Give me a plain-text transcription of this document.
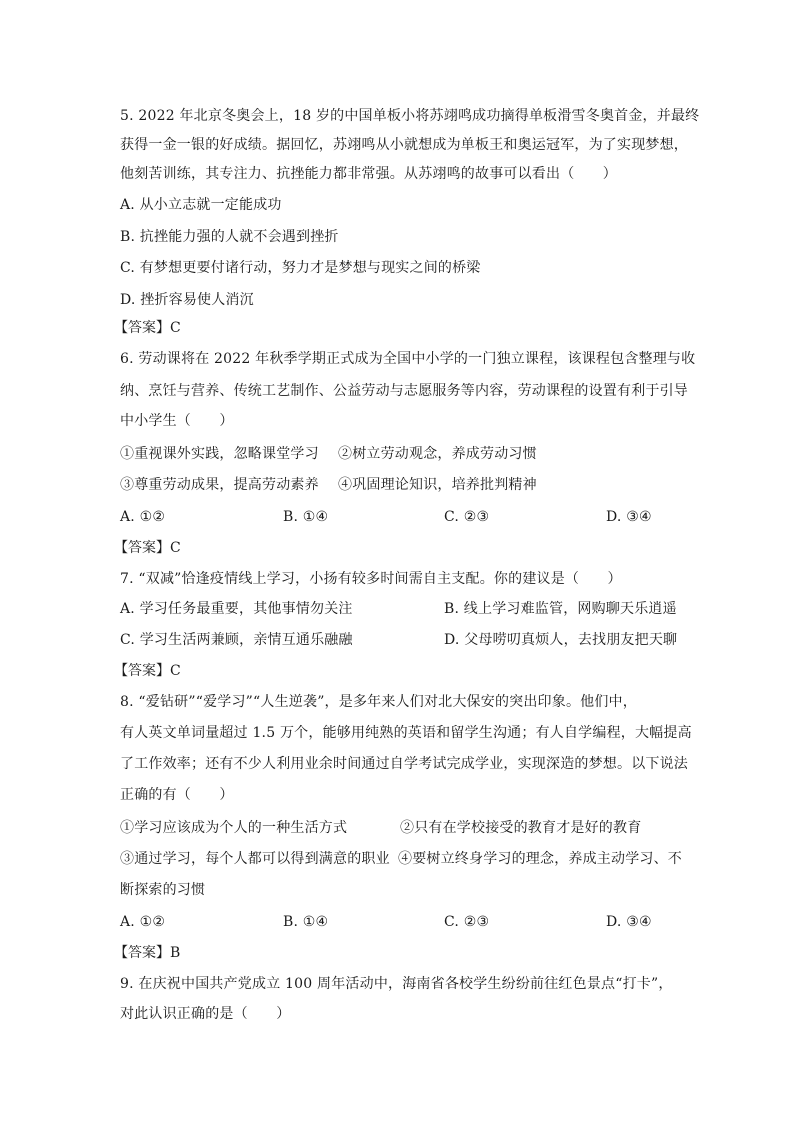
5. 2022 年北京冬奥会上，18 岁的中国单板小将苏翊鸣成功摘得单板滑雪冬奥首金，并最终
获得一金一银的好成绩。据回忆，苏翊鸣从小就想成为单板王和奥运冠军，为了实现梦想，
他刻苦训练，其专注力、抗挫能力都非常强。从苏翊鸣的故事可以看出（　　）
A. 从小立志就一定能成功
B. 抗挫能力强的人就不会遇到挫折
C. 有梦想更要付诸行动，努力才是梦想与现实之间的桥梁
D. 挫折容易使人消沉
【答案】C
6. 劳动课将在 2022 年秋季学期正式成为全国中小学的一门独立课程，该课程包含整理与收
纳、烹饪与营养、传统工艺制作、公益劳动与志愿服务等内容，劳动课程的设置有利于引导
中小学生（　　）
①重视课外实践，忽略课堂学习 ②树立劳动观念，养成劳动习惯
③尊重劳动成果，提高劳动素养 ④巩固理论知识，培养批判精神
A. ①②	B. ①④	C. ②③	D. ③④
【答案】C
7. “双减”恰逢疫情线上学习，小扬有较多时间需自主支配。你的建议是（　　）
A. 学习任务最重要，其他事情勿关注	B. 线上学习难监管，网购聊天乐逍遥
C. 学习生活两兼顾，亲情互通乐融融	D. 父母唠叨真烦人，去找朋友把天聊
【答案】C
8. “爱钻研”“爱学习”“人生逆袭”，是多年来人们对北大保安的突出印象。他们中，
有人英文单词量超过 1.5 万个，能够用纯熟的英语和留学生沟通；有人自学编程，大幅提高
了工作效率；还有不少人利用业余时间通过自学考试完成学业，实现深造的梦想。以下说法
正确的有（　　）
①学习应该成为个人的一种生活方式	②只有在学校接受的教育才是好的教育
③通过学习，每个人都可以得到满意的职业 ④要树立终身学习的理念，养成主动学习、不
断探索的习惯
A. ①②	B. ①④	C. ②③	D. ③④
【答案】B
9. 在庆祝中国共产党成立 100 周年活动中，海南省各校学生纷纷前往红色景点“打卡”，
对此认识正确的是（　　）
